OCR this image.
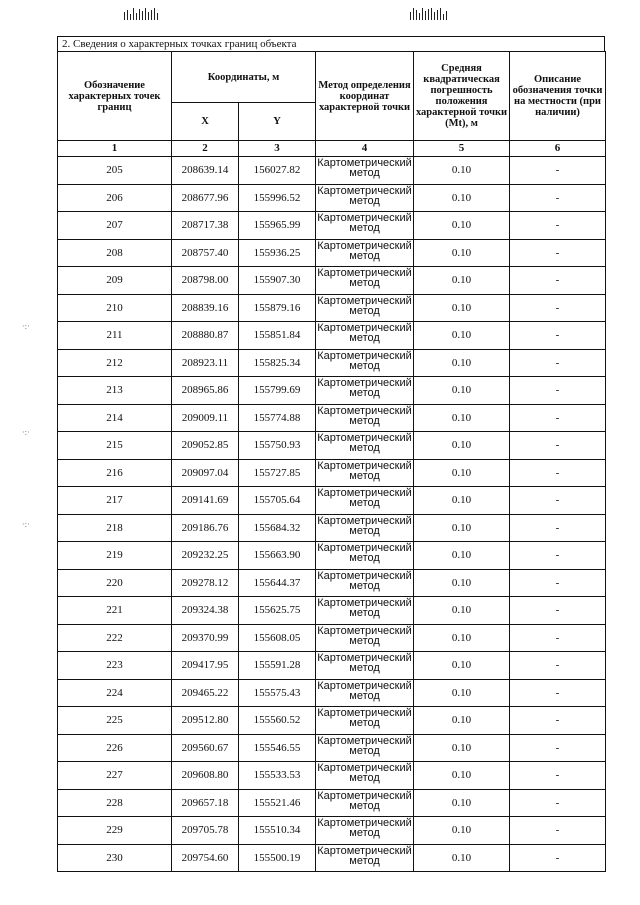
·:·
·:·
·:·
2. Сведения о характерных точках границ объекта
Обозначение характерных точек границ	Координаты, м		Метод определения координат характерной точки	Средняя квадратическая погрешность положения характерной точки (Mt), м	Описание обозначения точки на местности (при наличии)
	X	Y			
1	2	3	4	5	6
205	208639.14	156027.82	Картометрический метод	0.10	-
206	208677.96	155996.52	Картометрический метод	0.10	-
207	208717.38	155965.99	Картометрический метод	0.10	-
208	208757.40	155936.25	Картометрический метод	0.10	-
209	208798.00	155907.30	Картометрический метод	0.10	-
210	208839.16	155879.16	Картометрический метод	0.10	-
211	208880.87	155851.84	Картометрический метод	0.10	-
212	208923.11	155825.34	Картометрический метод	0.10	-
213	208965.86	155799.69	Картометрический метод	0.10	-
214	209009.11	155774.88	Картометрический метод	0.10	-
215	209052.85	155750.93	Картометрический метод	0.10	-
216	209097.04	155727.85	Картометрический метод	0.10	-
217	209141.69	155705.64	Картометрический метод	0.10	-
218	209186.76	155684.32	Картометрический метод	0.10	-
219	209232.25	155663.90	Картометрический метод	0.10	-
220	209278.12	155644.37	Картометрический метод	0.10	-
221	209324.38	155625.75	Картометрический метод	0.10	-
222	209370.99	155608.05	Картометрический метод	0.10	-
223	209417.95	155591.28	Картометрический метод	0.10	-
224	209465.22	155575.43	Картометрический метод	0.10	-
225	209512.80	155560.52	Картометрический метод	0.10	-
226	209560.67	155546.55	Картометрический метод	0.10	-
227	209608.80	155533.53	Картометрический метод	0.10	-
228	209657.18	155521.46	Картометрический метод	0.10	-
229	209705.78	155510.34	Картометрический метод	0.10	-
230	209754.60	155500.19	Картометрический метод	0.10	-
